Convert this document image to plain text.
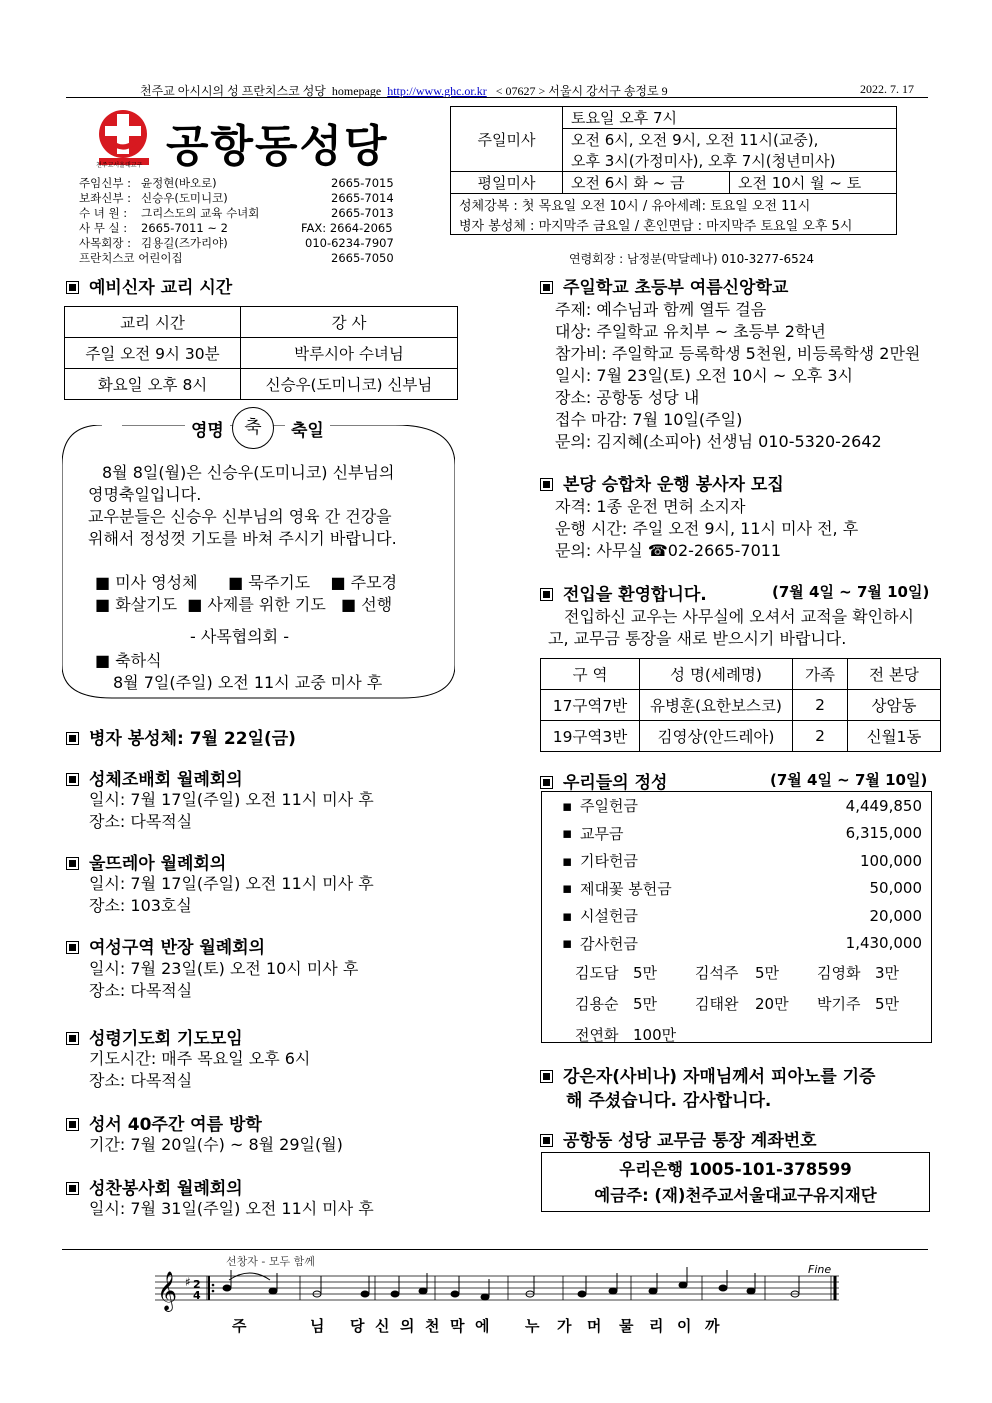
천주교 아시시의 성 프란치스코 성당 homepage http://www.ghc.or.kr < 07627 > 서울시 강서구 송정로 9	2022. 7. 17
천주교서울대교구 공항동성당
주임신부 : 윤정현(바오로)	2665-7015
보좌신부 : 신승우(도미니코)	2665-7014
수 녀 원 :	그리스도의 교육 수녀회	2665-7013
사 무 실 :	2665-7011 ~ 2	FAX: 2664-2065
사목회장 : 김용길(즈가리야)	010-6234-7907
프란치스코 어린이집	2665-7050
주일미사	토요일 오후 7시	
	오전 6시, 오전 9시, 오전 11시(교중),	
	오후 3시(가정미사), 오후 7시(청년미사)	
평일미사	오전 6시 화 ~ 금	오전 10시 월 ~ 토
성체강복 : 첫 목요일 오전 10시 / 유아세례: 토요일 오전 11시		
병자 봉성체 : 마지막주 금요일 / 혼인면담 : 마지막주 토요일 오후 5시		
연령회장 : 남정분(막달레나) 010-3277-6524
예비신자 교리 시간
교리 시간	강 사
주일 오전 9시 30분	박루시아 수녀님
화요일 오후 8시	신승우(도미니코) 신부님
영명	축	축일
8월 8일(월)은 신승우(도미니코) 신부님의
영명축일입니다.
교우분들은 신승우 신부님의 영육 간 건강을
위해서 정성껏 기도를 바쳐 주시기 바랍니다.
■ 미사 영성체 ■ 묵주기도 ■ 주모경
■ 화살기도 ■ 사제를 위한 기도 ■ 선행
- 사목협의회 -
■ 축하식
8월 7일(주일) 오전 11시 교중 미사 후
병자 봉성체: 7월 22일(금)
성체조배회 월례회의
일시: 7월 17일(주일) 오전 11시 미사 후
장소: 다목적실
울뜨레아 월례회의
일시: 7월 17일(주일) 오전 11시 미사 후
장소: 103호실
여성구역 반장 월례회의
일시: 7월 23일(토) 오전 10시 미사 후
장소: 다목적실
성령기도회 기도모임
기도시간: 매주 목요일 오후 6시
장소: 다목적실
성서 40주간 여름 방학
기간: 7월 20일(수) ~ 8월 29일(월)
성찬봉사회 월례회의
일시: 7월 31일(주일) 오전 11시 미사 후
주일학교 초등부 여름신앙학교
주제: 예수님과 함께 열두 걸음
대상: 주일학교 유치부 ~ 초등부 2학년
참가비: 주일학교 등록학생 5천원, 비등록학생 2만원
일시: 7월 23일(토) 오전 10시 ~ 오후 3시
장소: 공항동 성당 내
접수 마감: 7월 10일(주일)
문의: 김지혜(소피아) 선생님 010-5320-2642
본당 승합차 운행 봉사자 모집
자격: 1종 운전 면허 소지자
운행 시간: 주일 오전 9시, 11시 미사 전, 후
문의: 사무실 ☎02-2665-7011
전입을 환영합니다.	(7월 4일 ~ 7월 10일)
전입하신 교우는 사무실에 오셔서 교적을 확인하시
고, 교무금 통장을 새로 받으시기 바랍니다.
구 역	성 명(세례명)	가족	전 본당
17구역7반	유병훈(요한보스코)	2	상암동
19구역3반	김영상(안드레아)	2	신월1동
우리들의 정성	(7월 4일 ~ 7월 10일)
▪ 주일헌금	4,449,850
▪ 교무금	6,315,000
▪ 기타헌금	100,000
▪ 제대꽃 봉헌금	50,000
▪ 시설헌금	20,000
▪ 감사헌금	1,430,000
김도담 5만	김석주	5만	김영화 3만
김용순 5만	김태완	20만	박기주 5만
전연화 100만
강은자(사비나) 자매님께서 피아노를 기증
해 주셨습니다. 감사합니다.
공항동 성당 교무금 통장 계좌번호
우리은행 1005-101-378599
예금주: (재)천주교서울대교구유지재단
선창자 - 모두 함께
Fine
𝄞 ♯ 2
4
주	님	당 신 의 천 막 에	누	가	머	물	리 이 까
